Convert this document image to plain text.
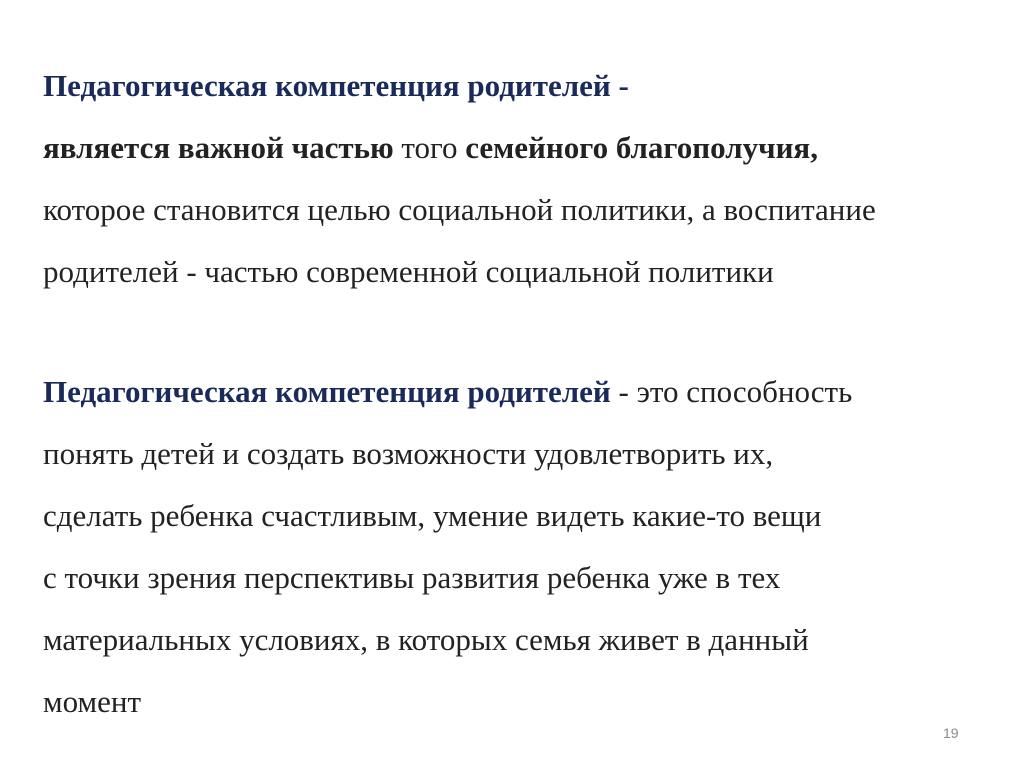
Педагогическая компетенция родителей -
является важной частью того семейного благополучия,
которое становится целью социальной политики, а воспитание
родителей - частью современной социальной политики
Педагогическая компетенция родителей - это способность
понять детей и создать возможности удовлетворить их,
сделать ребенка счастливым, умение видеть какие-то вещи
с точки зрения перспективы развития ребенка уже в тех
материальных условиях, в которых семья живет в данный
момент
19
